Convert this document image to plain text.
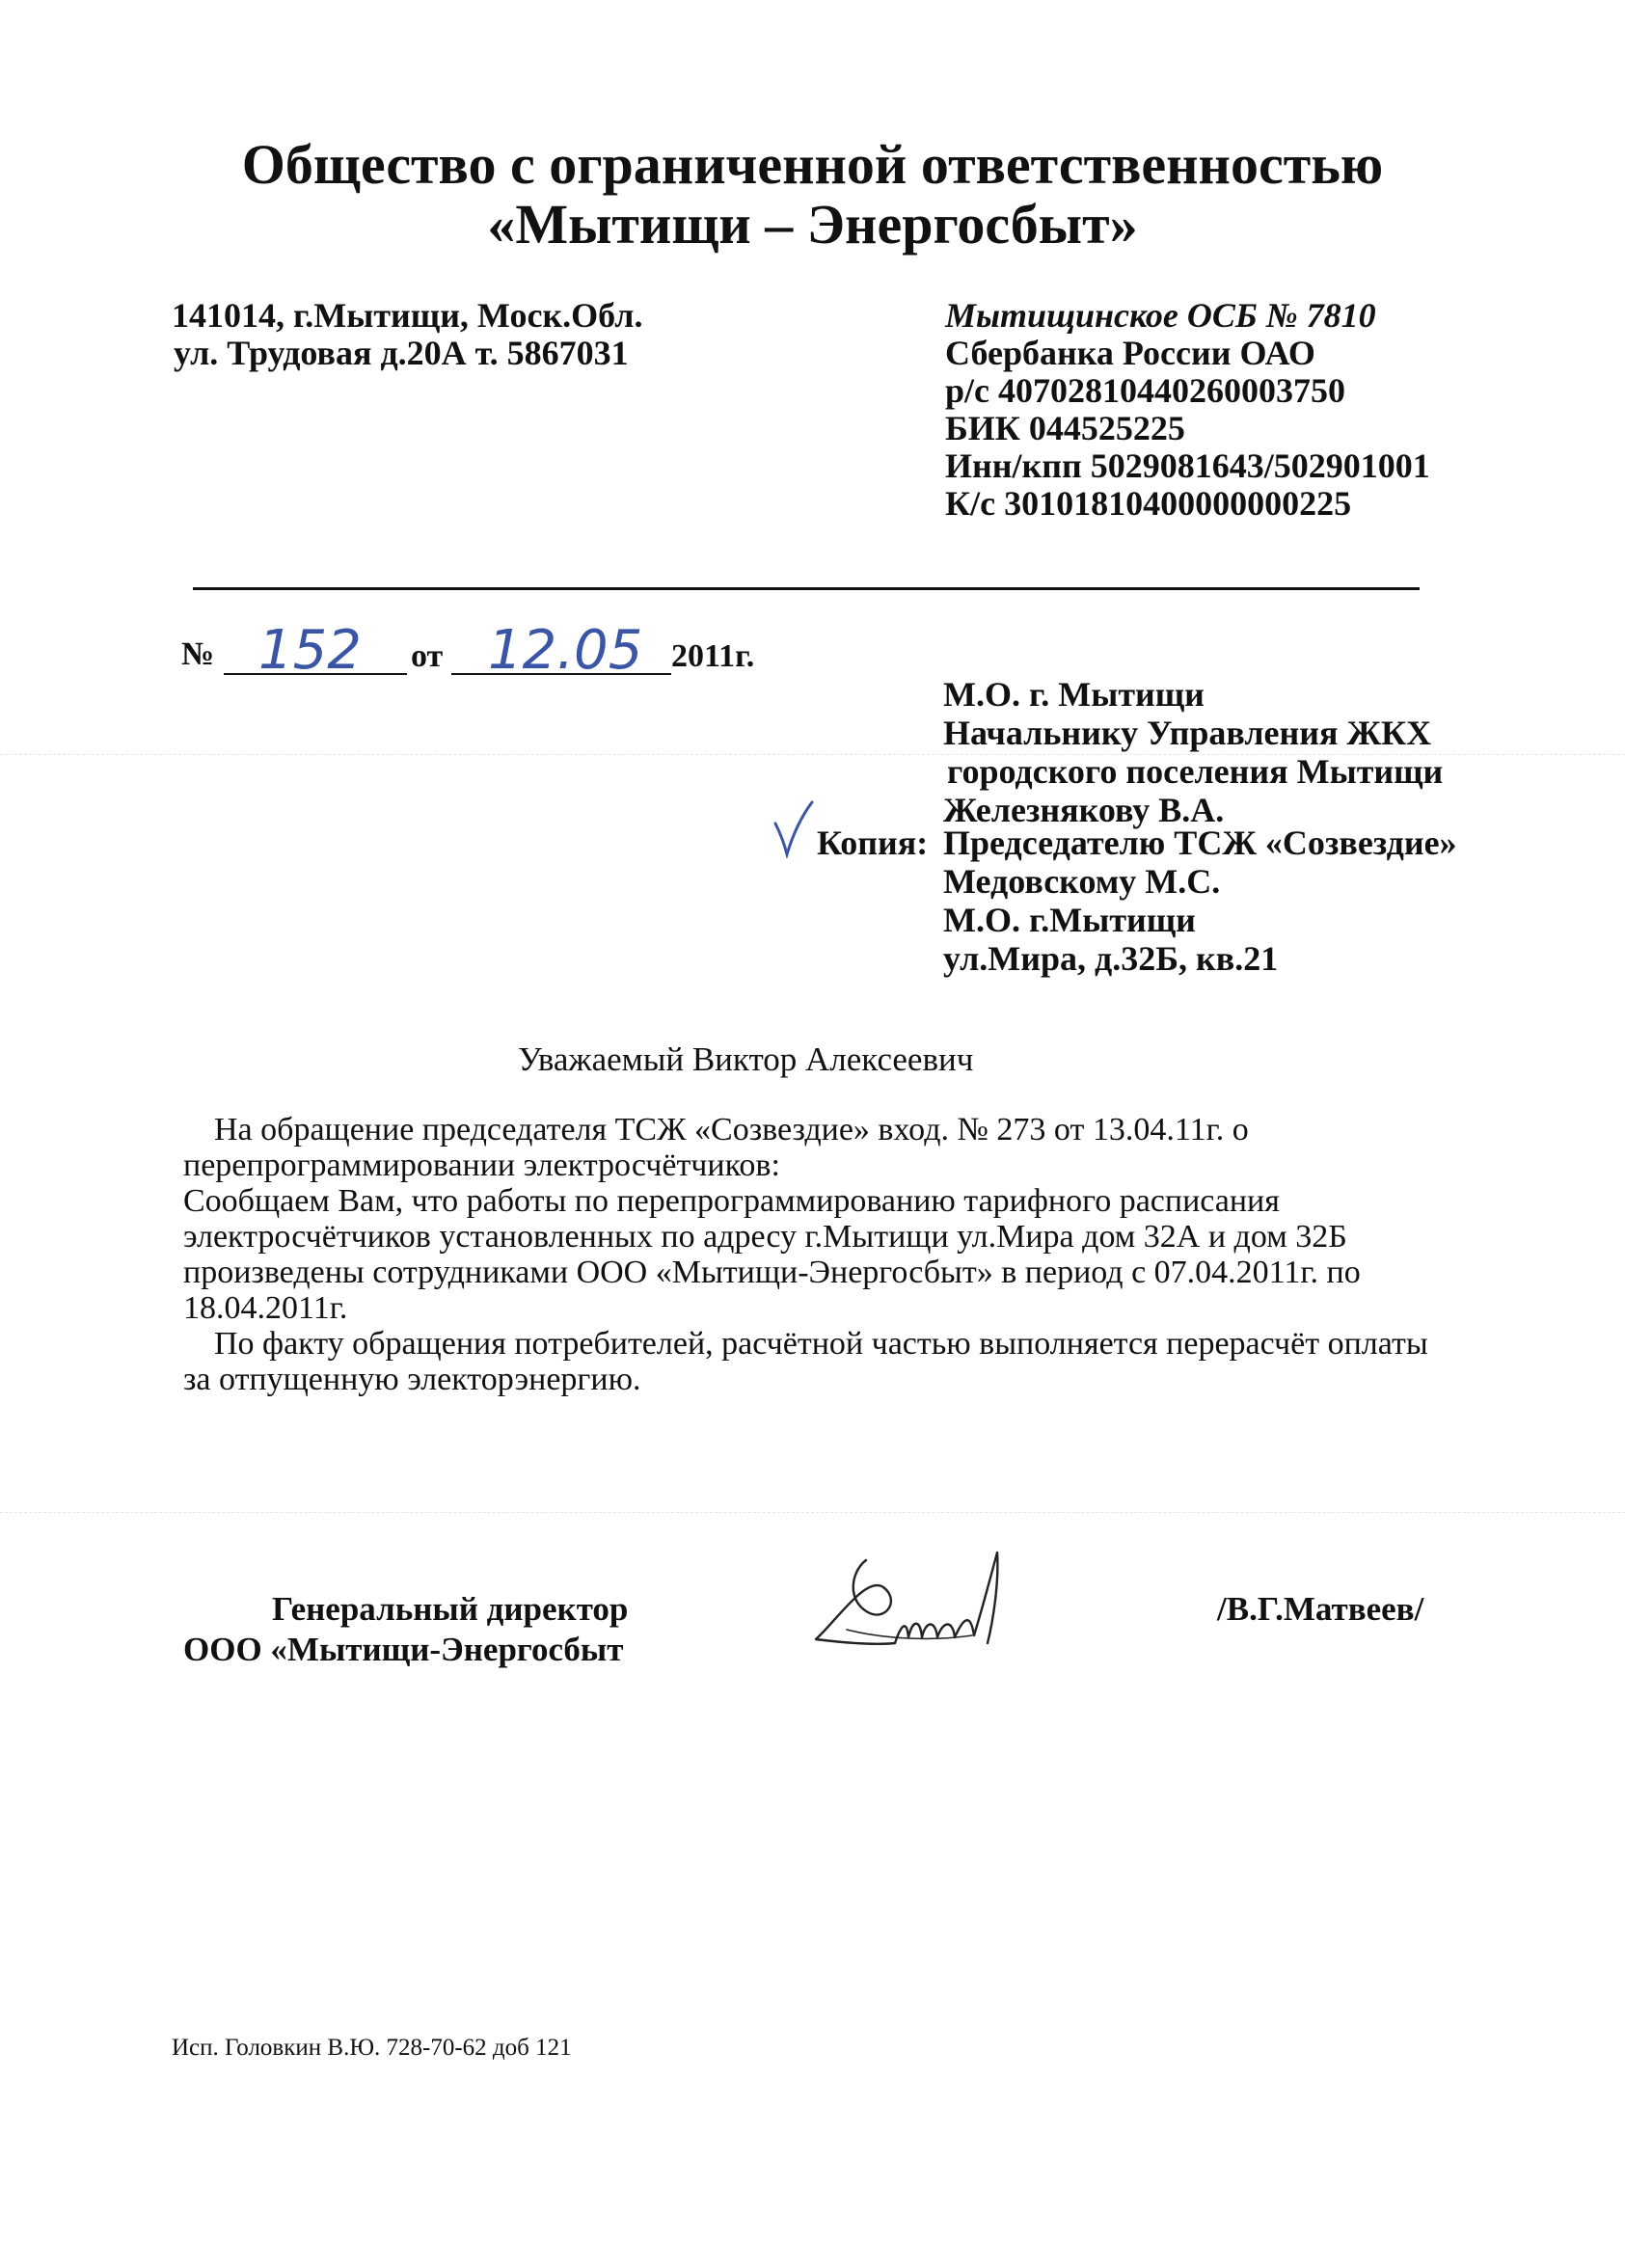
Общество с ограниченной ответственностью
«Мытищи – Энергосбыт»
141014, г.Мытищи, Моск.Обл.
ул. Трудовая д.20А т. 5867031
Мытищинское ОСБ № 7810
Сбербанка России ОАО
р/с 40702810440260003750
БИК 044525225
Инн/кпп 5029081643/502901001
К/с 30101810400000000225
№ 152 от 12.05 2011г.
М.О. г. Мытищи
Начальнику Управления ЖКХ
городского поселения Мытищи
Железнякову В.А.
Копия: Председателю ТСЖ «Созвездие»
Медовскому М.С.
М.О. г.Мытищи
ул.Мира, д.32Б, кв.21
Уважаемый Виктор Алексеевич
На обращение председателя ТСЖ «Созвездие» вход. № 273 от 13.04.11г. о
перепрограммировании электросчётчиков:
Сообщаем Вам, что работы по перепрограммированию тарифного расписания
электросчётчиков установленных по адресу г.Мытищи ул.Мира дом 32А и дом 32Б
произведены сотрудниками ООО «Мытищи-Энергосбыт» в период с 07.04.2011г. по
18.04.2011г.
По факту обращения потребителей, расчётной частью выполняется перерасчёт оплаты
за отпущенную электорэнергию.
Генеральный директор
ООО «Мытищи-Энергосбыт
/В.Г.Матвеев/
Исп. Головкин В.Ю. 728-70-62 доб 121
